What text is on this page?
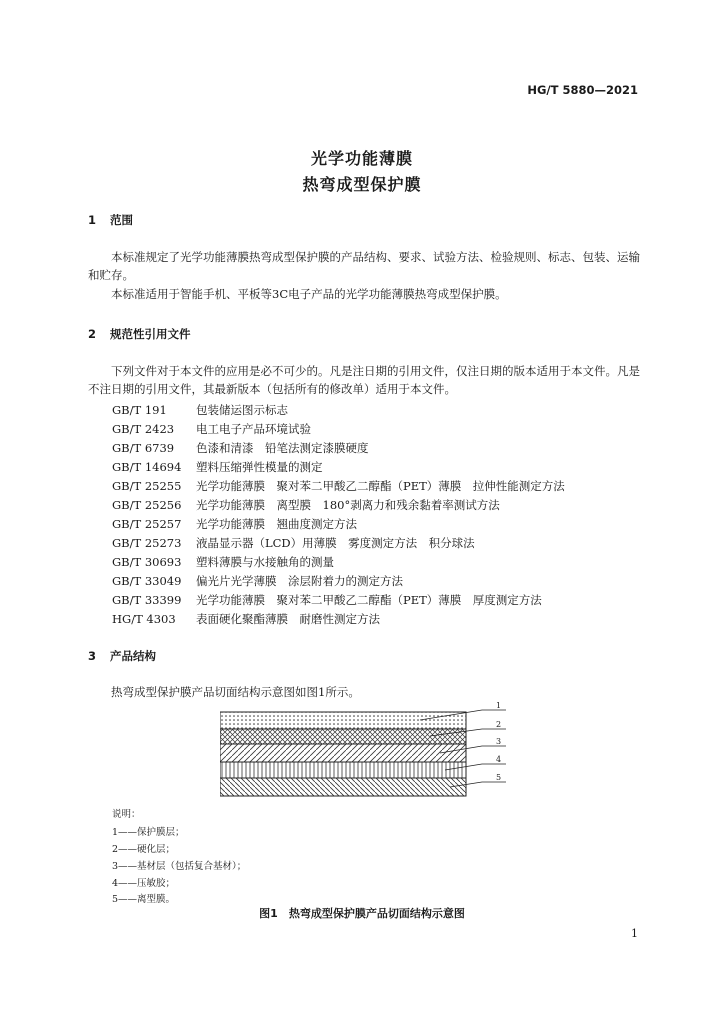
HG/T 5880—2021
光学功能薄膜
热弯成型保护膜
1 范围
本标准规定了光学功能薄膜热弯成型保护膜的产品结构、要求、试验方法、检验规则、标志、包装、运输和贮存。
本标准适用于智能手机、平板等3C电子产品的光学功能薄膜热弯成型保护膜。
2 规范性引用文件
下列文件对于本文件的应用是必不可少的。凡是注日期的引用文件，仅注日期的版本适用于本文件。凡是不注日期的引用文件，其最新版本（包括所有的修改单）适用于本文件。
GB/T 191	包装储运图示标志
GB/T 2423 电工电子产品环境试验
GB/T 6739 色漆和清漆　铅笔法测定漆膜硬度
GB/T 14694 塑料压缩弹性模量的测定
GB/T 25255 光学功能薄膜　聚对苯二甲酸乙二醇酯（PET）薄膜　拉伸性能测定方法
GB/T 25256 光学功能薄膜　离型膜　180°剥离力和残余黏着率测试方法
GB/T 25257 光学功能薄膜　翘曲度测定方法
GB/T 25273 液晶显示器（LCD）用薄膜　雾度测定方法　积分球法
GB/T 30693 塑料薄膜与水接触角的测量
GB/T 33049 偏光片光学薄膜　涂层附着力的测定方法
GB/T 33399 光学功能薄膜　聚对苯二甲酸乙二醇酯（PET）薄膜　厚度测定方法
HG/T 4303 表面硬化聚酯薄膜　耐磨性测定方法
3 产品结构
热弯成型保护膜产品切面结构示意图如图1所示。
1
2
3
4
5
说明：
1——保护膜层；
2——硬化层；
3——基材层（包括复合基材）；
4——压敏胶；
5——离型膜。
图1　热弯成型保护膜产品切面结构示意图
1
